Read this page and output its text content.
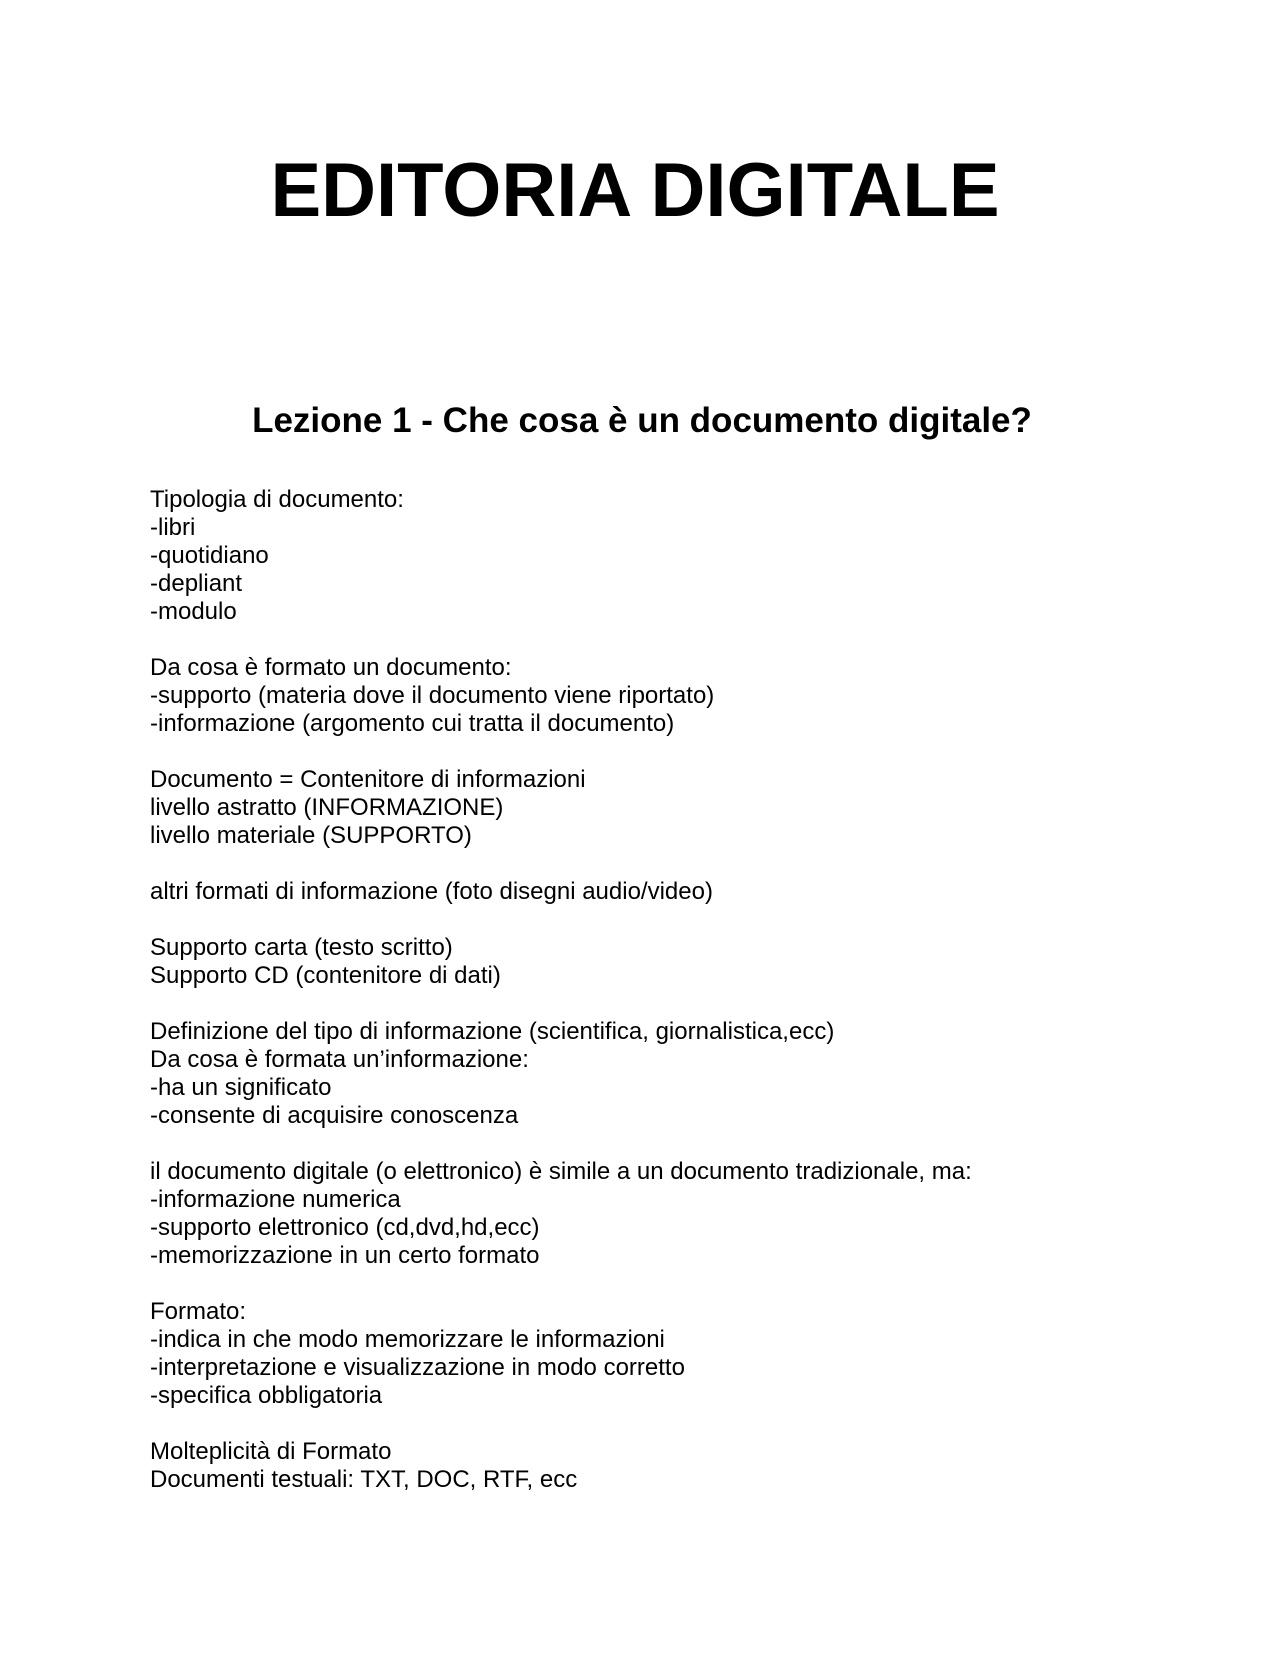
EDITORIA DIGITALE
Lezione 1 - Che cosa è un documento digitale?
Tipologia di documento:
-libri
-quotidiano
-depliant
-modulo
Da cosa è formato un documento:
-supporto (materia dove il documento viene riportato)
-informazione (argomento cui tratta il documento)
Documento = Contenitore di informazioni
livello astratto (INFORMAZIONE)
livello materiale (SUPPORTO)
altri formati di informazione (foto disegni audio/video)
Supporto carta (testo scritto)
Supporto CD (contenitore di dati)
Definizione del tipo di informazione (scientifica, giornalistica,ecc)
Da cosa è formata un’informazione:
-ha un significato
-consente di acquisire conoscenza
il documento digitale (o elettronico) è simile a un documento tradizionale, ma:
-informazione numerica
-supporto elettronico (cd,dvd,hd,ecc)
-memorizzazione in un certo formato
Formato:
-indica in che modo memorizzare le informazioni
-interpretazione e visualizzazione in modo corretto
-specifica obbligatoria
Molteplicità di Formato
Documenti testuali: TXT, DOC, RTF, ecc
